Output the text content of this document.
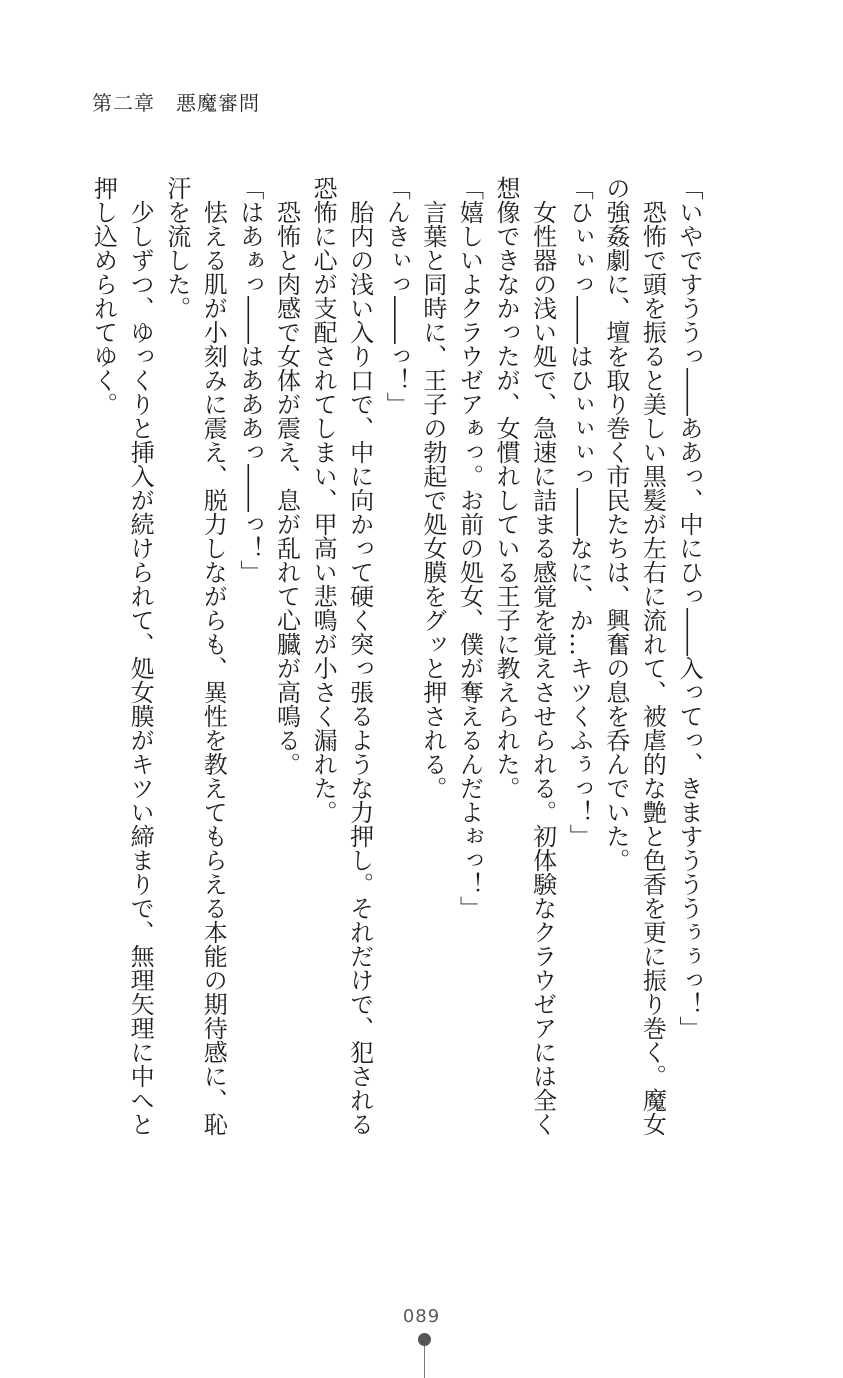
第二章　悪魔審問

「いやですううっ――ああっ、中にひっ――入ってっ、きますうううぅぅっ！」

　恐怖で頭を振ると美しい黒髪が左右に流れて、被虐的な艶と色香を更に振り巻く。魔女

の強姦劇に、壇を取り巻く市民たちは、興奮の息を呑んでいた。

「ひぃぃっ――はひぃぃぃっ――なに、か…キツくふぅっ！」

　女性器の浅い処で、急速に詰まる感覚を覚えさせられる。初体験なクラウゼアには全く

想像できなかったが、女慣れしている王子に教えられた。

「嬉しいよクラウゼアぁっ。お前の処女、僕が奪えるんだよぉっ！」

　言葉と同時に、王子の勃起で処女膜をグッと押される。

「んきぃっ――っ！」

　胎内の浅い入り口で、中に向かって硬く突っ張るような力押し。それだけで、犯される

恐怖に心が支配されてしまい、甲高い悲鳴が小さく漏れた。

　恐怖と肉感で女体が震え、息が乱れて心臓が高鳴る。

「はあぁっ――はあああっ――っ！」

　怯える肌が小刻みに震え、脱力しながらも、異性を教えてもらえる本能の期待感に、恥

汗を流した。

　少しずつ、ゆっくりと挿入が続けられて、処女膜がキツい締まりで、無理矢理に中へと

押し込められてゆく。

089
